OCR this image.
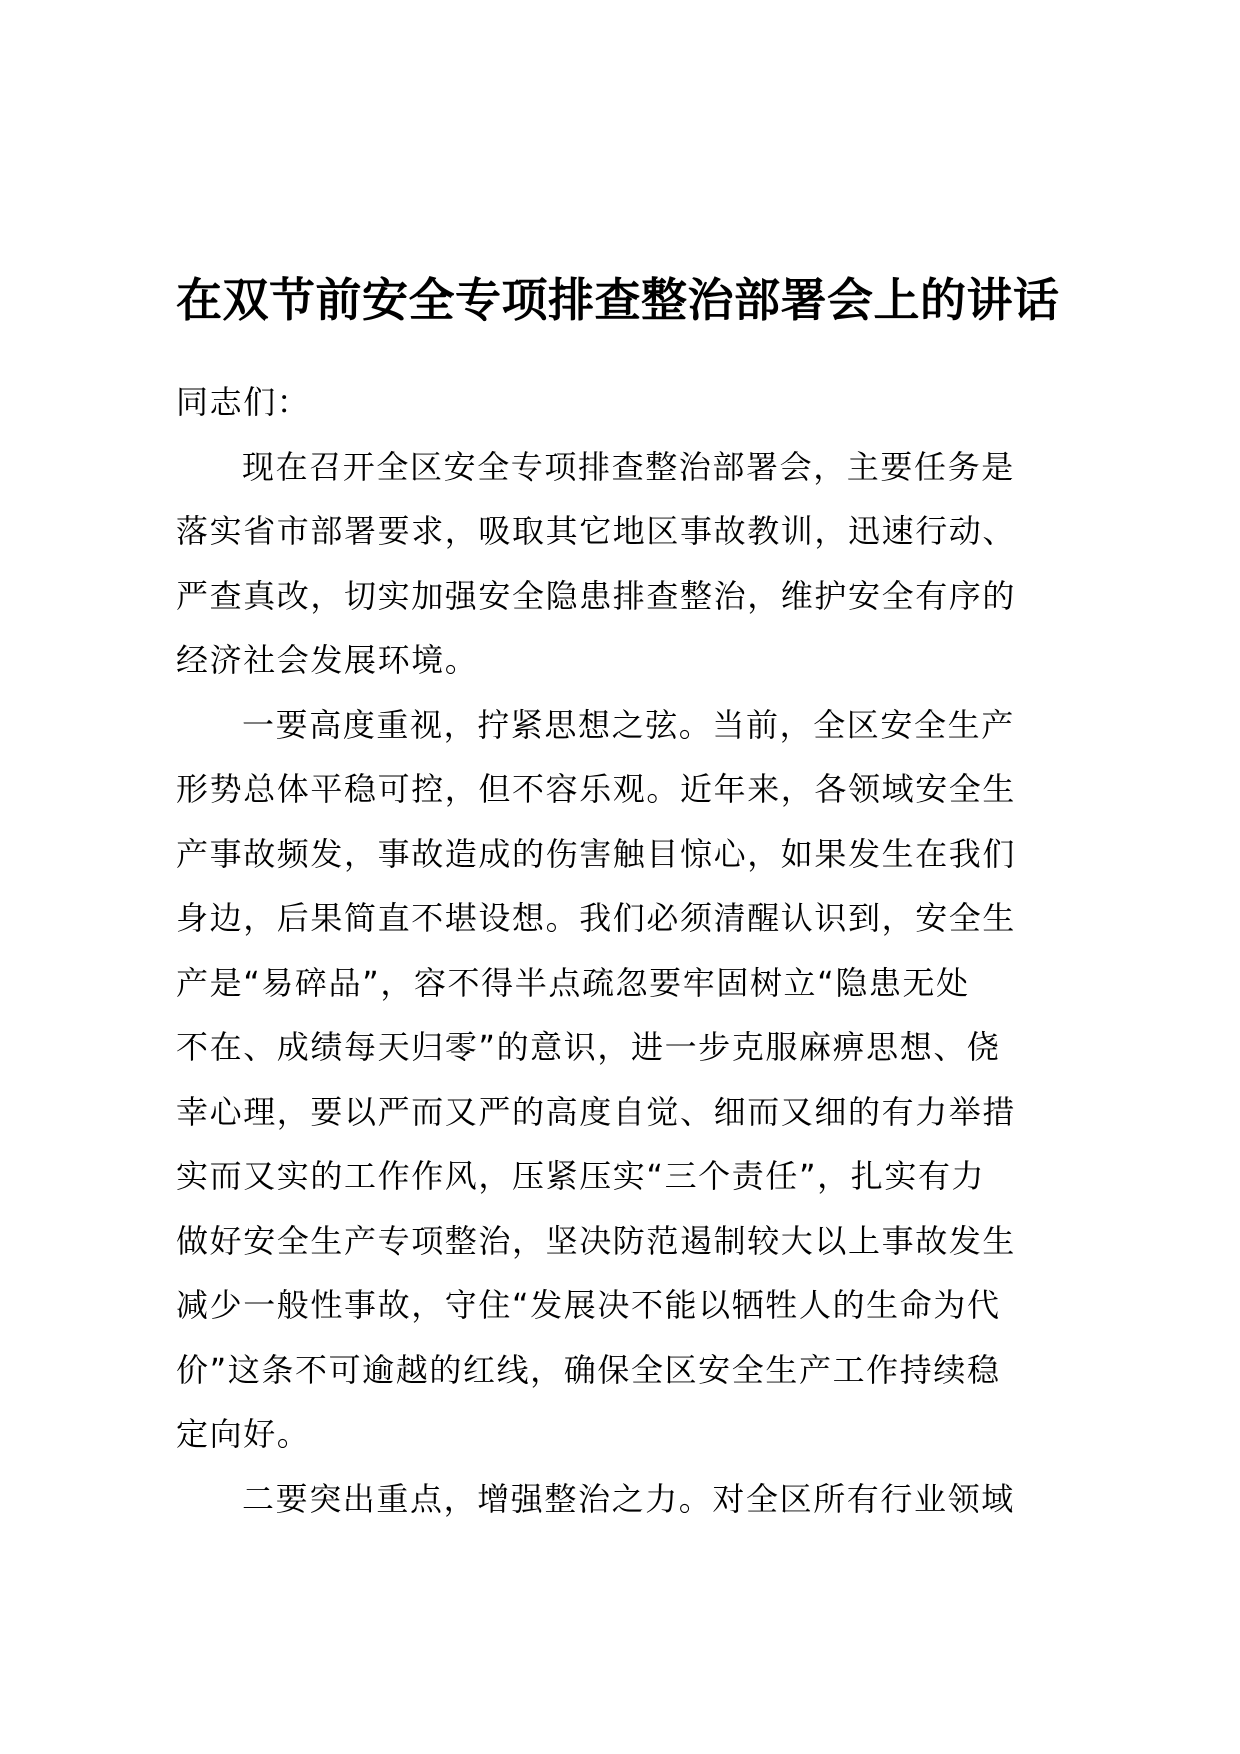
在双节前安全专项排查整治部署会上的讲话
同志们：
现在召开全区安全专项排查整治部署会，主要任务是
落实省市部署要求，吸取其它地区事故教训，迅速行动、
严查真改，切实加强安全隐患排查整治，维护安全有序的
经济社会发展环境。
一要高度重视，拧紧思想之弦。当前，全区安全生产
形势总体平稳可控，但不容乐观。近年来，各领域安全生
产事故频发，事故造成的伤害触目惊心，如果发生在我们
身边，后果简直不堪设想。我们必须清醒认识到，安全生
产是“易碎品”，容不得半点疏忽要牢固树立“隐患无处
不在、成绩每天归零”的意识，进一步克服麻痹思想、侥
幸心理，要以严而又严的高度自觉、细而又细的有力举措
实而又实的工作作风，压紧压实“三个责任”，扎实有力
做好安全生产专项整治，坚决防范遏制较大以上事故发生
减少一般性事故，守住“发展决不能以牺牲人的生命为代
价”这条不可逾越的红线，确保全区安全生产工作持续稳
定向好。
二要突出重点，增强整治之力。对全区所有行业领域
